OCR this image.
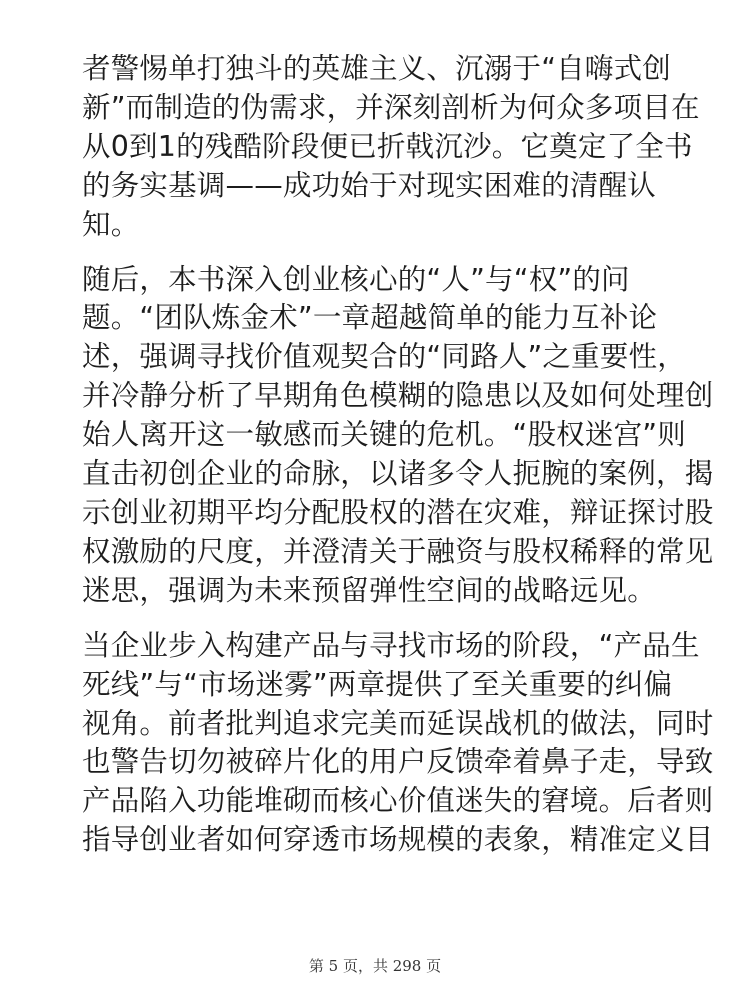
者警惕单打独斗的英雄主义、沉溺于“自嗨式创
新”而制造的伪需求，并深刻剖析为何众多项目在
从0到1的残酷阶段便已折戟沉沙。它奠定了全书
的务实基调——成功始于对现实困难的清醒认
知。

随后，本书深入创业核心的“人”与“权”的问
题。“团队炼金术”一章超越简单的能力互补论
述，强调寻找价值观契合的“同路人”之重要性，
并冷静分析了早期角色模糊的隐患以及如何处理创
始人离开这一敏感而关键的危机。“股权迷宫”则
直击初创企业的命脉，以诸多令人扼腕的案例，揭
示创业初期平均分配股权的潜在灾难，辩证探讨股
权激励的尺度，并澄清关于融资与股权稀释的常见
迷思，强调为未来预留弹性空间的战略远见。

当企业步入构建产品与寻找市场的阶段，“产品生
死线”与“市场迷雾”两章提供了至关重要的纠偏
视角。前者批判追求完美而延误战机的做法，同时
也警告切勿被碎片化的用户反馈牵着鼻子走，导致
产品陷入功能堆砌而核心价值迷失的窘境。后者则
指导创业者如何穿透市场规模的表象，精准定义目

第 5 页，共 298 页
